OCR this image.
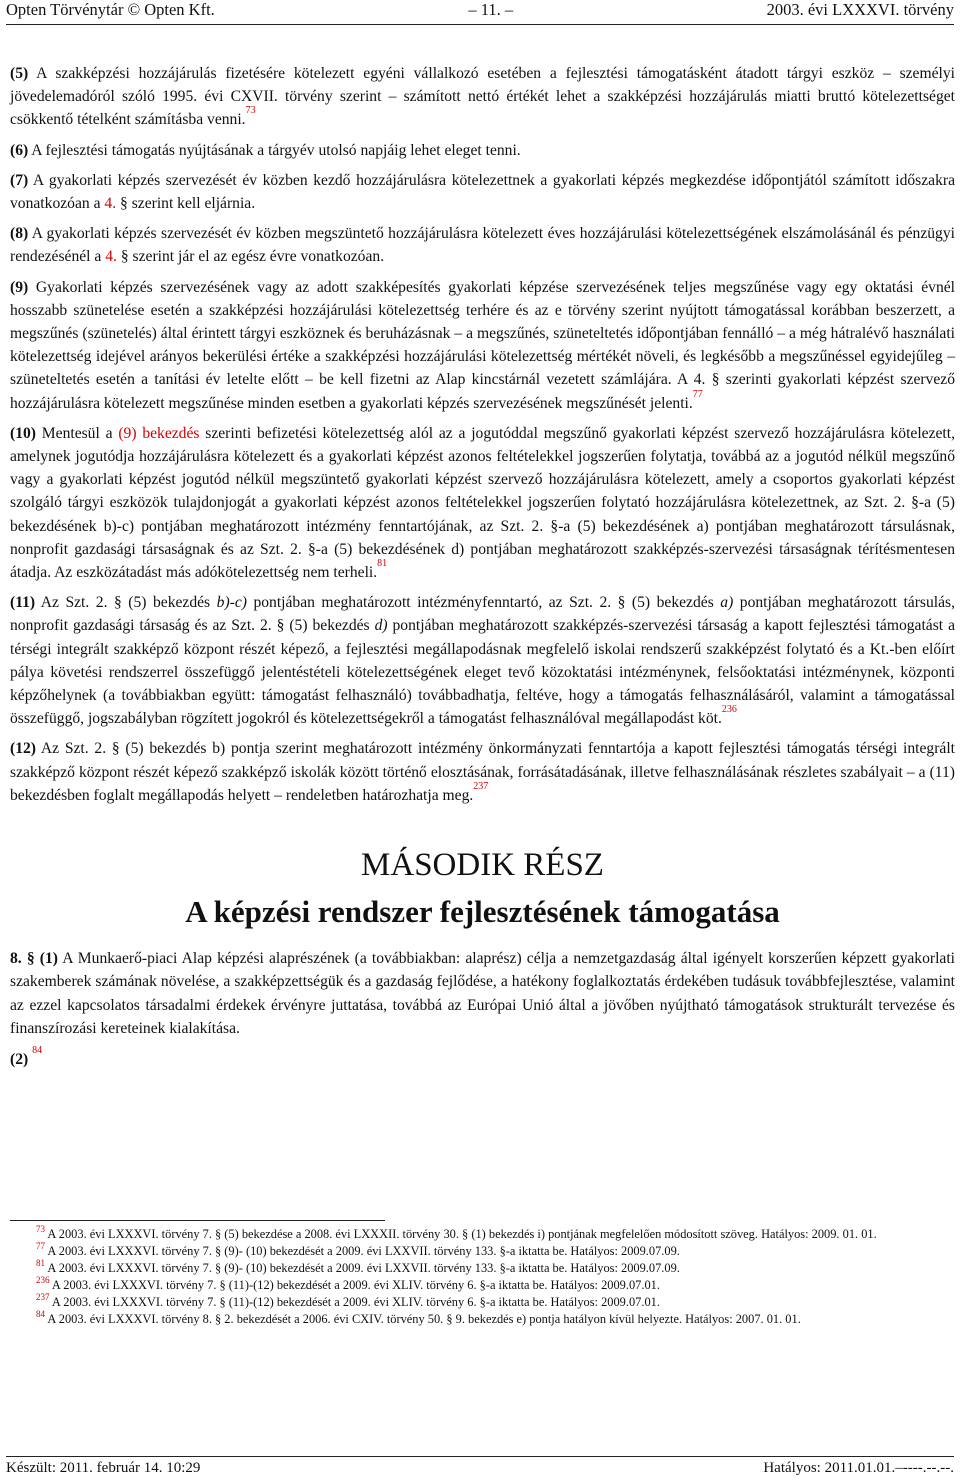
Opten Törvénytár © Opten Kft.	– 11. –	2003. évi LXXXVI. törvény

(5) A szakképzési hozzájárulás fizetésére kötelezett egyéni vállalkozó esetében a fejlesztési támogatásként átadott tárgyi eszköz – személyi jövedelemadóról szóló 1995. évi CXVII. törvény szerint – számított nettó értékét lehet a szakképzési hozzájárulás miatti bruttó kötelezettséget csökkentő tételként számításba venni.$^{73}$

(6) A fejlesztési támogatás nyújtásának a tárgyév utolsó napjáig lehet eleget tenni.

(7) A gyakorlati képzés szervezését év közben kezdő hozzájárulásra kötelezettnek a gyakorlati képzés megkezdése időpontjától számított időszakra vonatkozóan a 4. § szerint kell eljárnia.

(8) A gyakorlati képzés szervezését év közben megszüntető hozzájárulásra kötelezett éves hozzájárulási kötelezettségének elszámolásánál és pénzügyi rendezésénél a 4. § szerint jár el az egész évre vonatkozóan.

(9) Gyakorlati képzés szervezésének vagy az adott szakképesítés gyakorlati képzése szervezésének teljes megszűnése vagy egy oktatási évnél hosszabb szünetelése esetén a szakképzési hozzájárulási kötelezettség terhére és az e törvény szerint nyújtott támogatással korábban beszerzett, a megszűnés (szünetelés) által érintett tárgyi eszköznek és beruházásnak – a megszűnés, szüneteltetés időpontjában fennálló – a még hátralévő használati kötelezettség idejével arányos bekerülési értéke a szakképzési hozzájárulási kötelezettség mértékét növeli, és legkésőbb a megszűnéssel egyidejűleg – szüneteltetés esetén a tanítási év letelte előtt – be kell fizetni az Alap kincstárnál vezetett számlájára. A 4. § szerinti gyakorlati képzést szervező hozzájárulásra kötelezett megszűnése minden esetben a gyakorlati képzés szervezésének megszűnését jelenti.$^{77}$

(10) Mentesül a (9) bekezdés szerinti befizetési kötelezettség alól az a jogutóddal megszűnő gyakorlati képzést szervező hozzájárulásra kötelezett, amelynek jogutódja hozzájárulásra kötelezett és a gyakorlati képzést azonos feltételekkel jogszerűen folytatja, továbbá az a jogutód nélkül megszűnő vagy a gyakorlati képzést jogutód nélkül megszüntető gyakorlati képzést szervező hozzájárulásra kötelezett, amely a csoportos gyakorlati képzést szolgáló tárgyi eszközök tulajdonjogát a gyakorlati képzést azonos feltételekkel jogszerűen folytató hozzájárulásra kötelezettnek, az Szt. 2. §-a (5) bekezdésének b)-c) pontjában meghatározott intézmény fenntartójának, az Szt. 2. §-a (5) bekezdésének a) pontjában meghatározott társulásnak, nonprofit gazdasági társaságnak és az Szt. 2. §-a (5) bekezdésének d) pontjában meghatározott szakképzés-szervezési társaságnak térítésmentesen átadja. Az eszközátadást más adókötelezettség nem terheli.$^{81}$

(11) Az Szt. 2. § (5) bekezdés b)-c) pontjában meghatározott intézményfenntartó, az Szt. 2. § (5) bekezdés a) pontjában meghatározott társulás, nonprofit gazdasági társaság és az Szt. 2. § (5) bekezdés d) pontjában meghatározott szakképzés-szervezési társaság a kapott fejlesztési támogatást a térségi integrált szakképző központ részét képező, a fejlesztési megállapodásnak megfelelő iskolai rendszerű szakképzést folytató és a Kt.-ben előírt pálya követési rendszerrel összefüggő jelentéstételi kötelezettségének eleget tevő közoktatási intézménynek, felsőoktatási intézménynek, központi képzőhelynek (a továbbiakban együtt: támogatást felhasználó) továbbadhatja, feltéve, hogy a támogatás felhasználásáról, valamint a támogatással összefüggő, jogszabályban rögzített jogokról és kötelezettségekről a támogatást felhasználóval megállapodást köt.$^{236}$

(12) Az Szt. 2. § (5) bekezdés b) pontja szerint meghatározott intézmény önkormányzati fenntartója a kapott fejlesztési támogatás térségi integrált szakképző központ részét képező szakképző iskolák között történő elosztásának, forrásátadásának, illetve felhasználásának részletes szabályait – a (11) bekezdésben foglalt megállapodás helyett – rendeletben határozhatja meg.$^{237}$

MÁSODIK RÉSZ
A képzési rendszer fejlesztésének támogatása

8. § (1) A Munkaerő-piaci Alap képzési alaprészének (a továbbiakban: alaprész) célja a nemzetgazdaság által igényelt korszerűen képzett gyakorlati szakemberek számának növelése, a szakképzettségük és a gazdaság fejlődése, a hatékony foglalkoztatás érdekében tudásuk továbbfejlesztése, valamint az ezzel kapcsolatos társadalmi érdekek érvényre juttatása, továbbá az Európai Unió által a jövőben nyújtható támogatások strukturált tervezése és finanszírozási kereteinek kialakítása.

(2) $^{84}$

$^{73}$ A 2003. évi LXXXVI. törvény 7. § (5) bekezdése a 2008. évi LXXXII. törvény 30. § (1) bekezdés i) pontjának megfelelően módosított szöveg. Hatályos: 2009. 01. 01.

$^{77}$ A 2003. évi LXXXVI. törvény 7. § (9)- (10) bekezdését a 2009. évi LXXVII. törvény 133. §-a iktatta be. Hatályos: 2009.07.09.

$^{81}$ A 2003. évi LXXXVI. törvény 7. § (9)- (10) bekezdését a 2009. évi LXXVII. törvény 133. §-a iktatta be. Hatályos: 2009.07.09.

$^{236}$ A 2003. évi LXXXVI. törvény 7. § (11)-(12) bekezdését a 2009. évi XLIV. törvény 6. §-a iktatta be. Hatályos: 2009.07.01.

$^{237}$ A 2003. évi LXXXVI. törvény 7. § (11)-(12) bekezdését a 2009. évi XLIV. törvény 6. §-a iktatta be. Hatályos: 2009.07.01.

$^{84}$ A 2003. évi LXXXVI. törvény 8. § 2. bekezdését a 2006. évi CXIV. törvény 50. § 9. bekezdés e) pontja hatályon kívül helyezte. Hatályos: 2007. 01. 01.

Készült: 2011. február 14. 10:29	Hatályos: 2011.01.01.–----.--.--.
